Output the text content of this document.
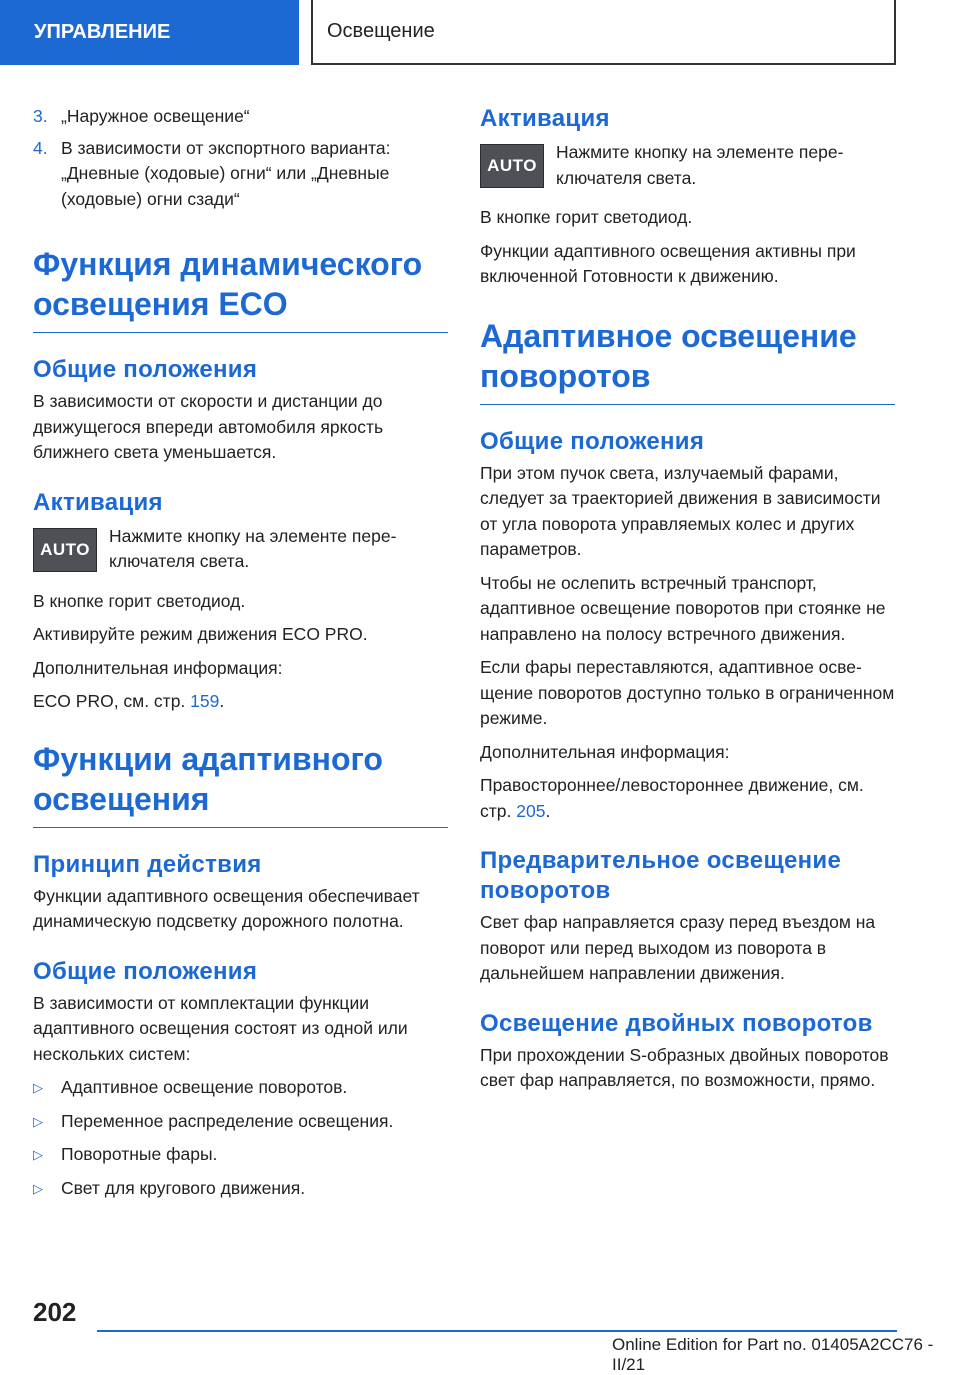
УПРАВЛЕНИЕ	Освещение
3. „Наружное освещение“
4. В зависимости от экспортного варианта: „Дневные (ходовые) огни“ или „Дневные (ходовые) огни сзади“
Функция динамического освещения ECO
Общие положения

В зависимости от скорости и дистанции до движущегося впереди автомобиля яркость ближнего света уменьшается.

Активация
AUTO
Нажмите кнопку на элементе переключателя света.

В кнопке горит светодиод.

Активируйте режим движения ECO PRO.

Дополнительная информация:

ECO PRO, см. стр. 159.

Функции адаптивного освещения
Принцип действия

Функции адаптивного освещения обеспечивает динамическую подсветку дорожного полотна.

Общие положения

В зависимости от комплектации функции адаптивного освещения состоят из одной или нескольких систем:

▷	Адаптивное освещение поворотов.
▷	Переменное распределение освещения.
▷	Поворотные фары.
▷	Свет для кругового движения.
Активация
AUTO
Нажмите кнопку на элементе переключателя света.

В кнопке горит светодиод.

Функции адаптивного освещения активны при включенной Готовности к движению.

Адаптивное освещение поворотов
Общие положения

При этом пучок света, излучаемый фарами, следует за траекторией движения в зависимости от угла поворота управляемых колес и других параметров.

Чтобы не ослепить встречный транспорт, адаптивное освещение поворотов при стоянке не направлено на полосу встречного движения.

Если фары переставляются, адаптивное освещение поворотов доступно только в ограниченном режиме.

Дополнительная информация:

Правостороннее/левостороннее движение, см. стр. 205.

Предварительное освещение поворотов

Свет фар направляется сразу перед въездом на поворот или перед выходом из поворота в дальнейшем направлении движения.

Освещение двойных поворотов

При прохождении S-образных двойных поворотов свет фар направляется, по возможности, прямо.

202
Online Edition for Part no. 01405A2CC76 - II/21
